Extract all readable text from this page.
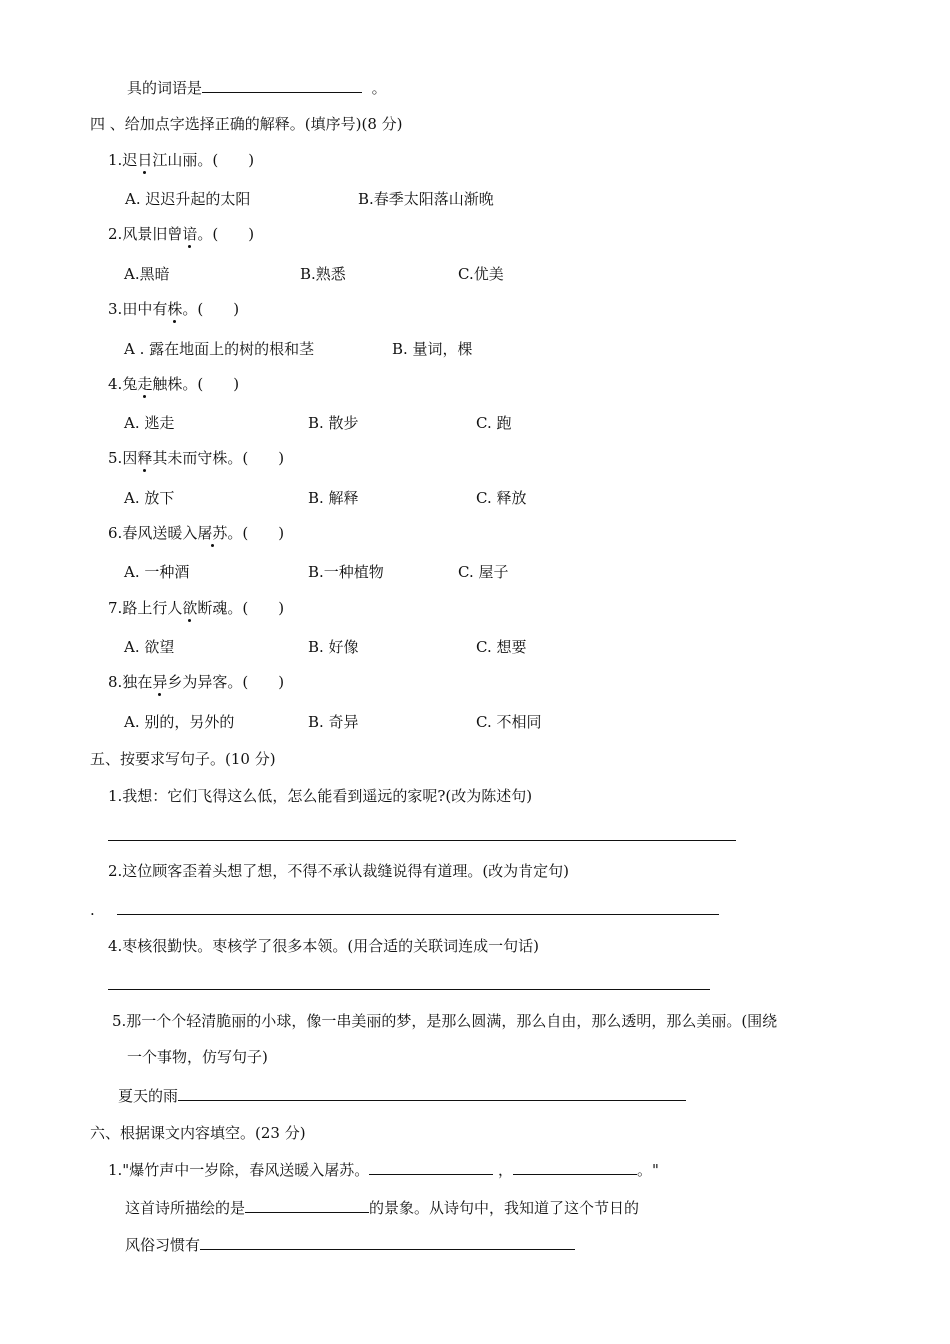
具的词语是	。
四 、给加点字选择正确的解释。(填序号)(8 分)
1.迟日江山丽。(　　)
A. 迟迟升起的太阳	B.春季太阳落山渐晚
2.风景旧曾谙。(　　)
A.黑暗	B.熟悉	C.优美
3.田中有株。(　　)
A . 露在地面上的树的根和茎	B. 量词，棵
4.兔走触株。(　　)
A. 逃走	B. 散步	C. 跑
5.因释其未而守株。(　　)
A. 放下	B. 解释	C. 释放
6.春风送暖入屠苏。(　　)
A. 一种酒	B.一种植物	C. 屋子
7.路上行人欲断魂。(　　)
A. 欲望	B. 好像	C. 想要
8.独在异乡为异客。(　　)
A. 别的，另外的	B. 奇异	C. 不相同
五、按要求写句子。(10 分)
1.我想：它们飞得这么低，怎么能看到遥远的家呢?(改为陈述句)
2.这位顾客歪着头想了想，不得不承认裁缝说得有道理。(改为肯定句)
.
4.枣核很勤快。枣核学了很多本领。(用合适的关联词连成一句话)
5.那一个个轻清脆丽的小球，像一串美丽的梦，是那么圆满，那么自由，那么透明，那么美丽。(围绕
一个事物，仿写句子)
夏天的雨
六、根据课文内容填空。(23 分)
1."爆竹声中一岁除，春风送暖入屠苏。	，	。"
这首诗所描绘的是	的景象。从诗句中，我知道了这个节日的
风俗习惯有
